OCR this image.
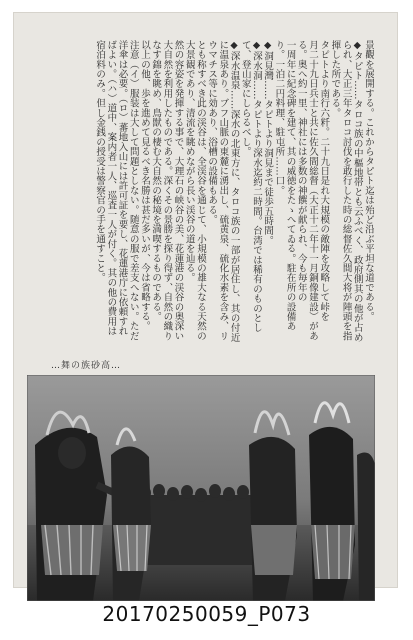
景觀を展開する。これからタピト迄は殆ど沿ぶ平坦な道である。

◆タピト……タロコ族の中樞地帯とも云ふべく、政府側其の他が占められ、大正三年タロコ討伐を敢行した時の総督佐久間大将が陣頭を指揮した所である。

タピトより南行六粁。二十九日是れ大規模の敵陣を攻略して峠を

月二十九日兵士と共に佐久間総督（大正十二年十一月銅像建設）がある。奥へ約一里、神社には多数の神饌が献られ、今も毎年の

一周年に紀念碑を建て、其の威徳をたゝへてゐる。駐在所の設備あり。一泊二円料理、駐屯所……口。

◆洞見灣……タピトより洞見まで徒歩五時間。

◆深水洞……タピトより深水迄約二時間。台湾では稀有のものとして、登山家にしらるべし。

◆深水温泉……深水の北東方に、タロコ族の一部が居住し、其の付近に温泉あり。ブフ山脈の東麓に湧出し、硫黄泉、硫化水素を含み、リウマチス等に効あり、浴槽の設備もある。

とも称すべき此の渓谷は、全渓谷を通じて、小規模の雄大なる天然の大景観であり、清流を眺めながら長い渓谷の道を辿る。

然の容姿を発揮する事で、大理石の峡谷の美、花蓮港の渓谷の奥深い大自然を利用したものである。深くその景勝を探り得ず、自然の織りなす錦を眺め、鳥獣の棲む大自然の秘境を満喫するものである。

以上の他、歩を進めて見るべき名勝は甚だ多いが、今は省略する。

注意（イ）服装は大して問題としない。随意の服で差支へない。ただ洋傘は必要。（ロ）蕃地入山には許可証を要し、花蓮港庁に依頼すればよい。（ハ）道中、案内者一人、巡査一人が付く。其の他の費用は宿泊料のみ。但し金銭の授受は警察官の手を通すこと。

…舞の族砂高…
20170250059_P073
